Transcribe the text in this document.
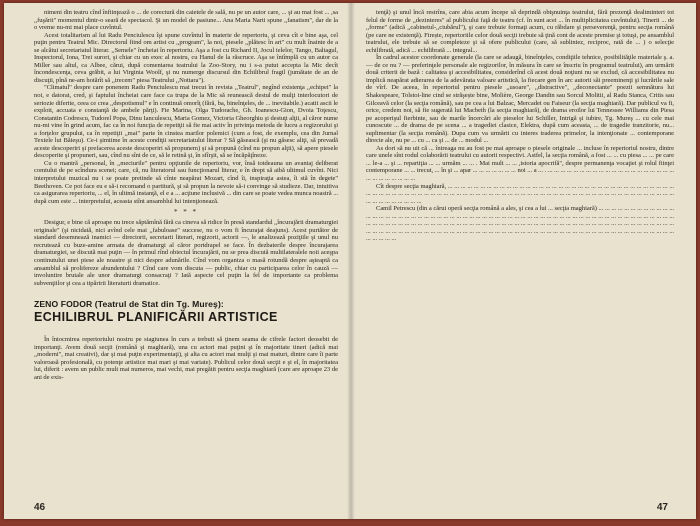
nimeni din teatru cînd înfiinţează o ... de corectură din caietele de sală, nu pe un autor care, ... şi au mai fost ... ,sa ,,fuşărit" momentul dintr-o seară de spectacol. Şi un model de pasiune... Ana Maria Narti spune ,,fanatism", dar de la o vreme nu-mi mai place cuvîntul.

Acest totalitarism al lui Radu Penciulescu îşi spune cuvîntul în materie de repertoriu, şi ceva cît e bine aşa, cel puţin pentru Teatrul Mic. Directorul fiind om artist cu ,,program", la noi, piesele ,,plătesc în art" cu mult înainte de a se alcătui secretariatul literar. ,,Semele" încheiat în repertoriu. Aşa a fost cu Richard II, Jocul ielelor, Tango, Baltagul, Inspectorul, Iona, Trei surori, şi chiar cu un exec al nostru, cu Hanul de la răscruce. Aşa se întîmplă cu un autor ca Miller sau altul, ca Albee, cărui, după comentarea teatrului la Zoo-Story, nu i s-a putut accepta la Mic decît încondescenţa, ceva grăbit, a lui Virginia Woolf, şi nu numerge discursul din Echilibrul fragil (jumătate de an de discuţii, pînă ne-am hotărît să ,,trecem" piesa Teatrului ,,Nottara").

"Climatul" despre care ponenem Radu Penciulescu mai trecut în revista ,,Teatrul", negînd existenţa ,,echipei" la noi, e datorat, cred, şi faptului încheiat care face ca trupa de la Mic să reunească destul de mulţi interlocutori de seriozie diferite, ceea ce crea ,,despotismul" e în continuă omorîţ (fără, ba, bineînţeles, de ... inevitabile.) acatit ascii le exploit, accuata e constanţă de ambele părţi). Fie Marina, Olga Tudorache, Gh. Ioanescu-Gion, Dvoia Toţescu, Constantin Codrescu, Tudorel Popa, Dinu Ianculescu, Maria Gomez, Victoria Gheorghiu şi destuţi alţii, al căror nume nu-mi vine în grind acum, fac ca în noi funcţia de repetiţii să fie mai activ în privinţa metoda de lucru a regizorului şi a forţelor grupului, ca în repetiţii ,,mai" parte în cinstea marilor polemici (cum a fost, de exemplu, cea din Jurnal Textele lui Băieşu). Ce-i şimtime în aceste condiţii secretariatului literar ? Să găsească (şi nu găsesc aliţi, să prevadă aceste descoperiri şi prefacerea aceste descoperiri să propunem) şi să propună (cînd nu propun alţii), să apere piesele descoperite şi propuneri, sau, cînd nu sînt de ce, să le retină şi, în sfîrşit, să se încăpăţîneze.

Cu o mantră ,,personal, în ,,meciurile" pentru opţiunile de repertoriu, vor, însă totdeauna un avantaj deliberat comtului de pe scîndura scenei; care, că, nu literatorul sau funcţionarul literar, e în drept să aibă ultimul cuvînt. Nici interpretului muzical nu i se poate pretinde să cînte neapărat Mozart, cînd îi, inspiraţia astea, îi stă în degete" Beethoven. Ce pot face eu e să-i recomand o partitură, şi să propun la nevoie să-i convinge să studieze. Dar, intuitiva ca asigurarea repertoriu, ... el, în ultimă instanţă, el e a ... acţiune inclusivă ... din care se poate vedea munca noastră ... după cum este ... interpretului, aceasta stînt ansamblul lui intenţionează.

* * *

Desigur, e bine că aproape nu trece săptămînă fără ca cineva să ridice în presă standardul ,,încurajării dramaturgiei originale" (şi nicidată, nici avînd cele mai ,,fabuloase" succese, nu o vom fi încurajat deajuns). Acest purtător de standard desemnează inamici — directorii, secretarii literari, regizorii, actorii —, le analizează poziţiile şi unul nu recrutează cu buze-amine armata de dramaturgi al căror portdrapel se face. În dezbaterile despre încurajarea dramaturgiei, se discută mai puţin — în primul rînd obiectul încurajării, nu se prea discută multilateralele noii aceşpa continutului unei piese ale noastre şi nici despre adunările. Cînd vom organiza o masă rotundă despre aşteaptă ca ansamblul să prolifereze abundentului ? Cînd care vom discuta — public, chiar cu participarea celor în cauză — involuntire brutale ale unor dramaturgi consacraţi ? Iată aspecte cel puţin la fel de importante ca problema subvenţiilor şi cea a tipăririi literaturii dramatice.

ZENO FODOR (Teatrul de Stat din Tg. Mureş):
ECHILIBRUL PLANIFICĂRII ARTISTICE

În întocmirea repertoriului nostru pe stagiunea în curs a trebuit să ţinem seama de cifrele factori deosebit de importanţi. Avem două secţii (română şi maghiară), una cu actori mai puţini şi în majoritate tineri (adică mai ,,moderni", mai creativi), dar şi mai puţin experimentaţi), şi alta cu actori mai mulţi şi mai maturi, dintre care îi parte valoroasă profesională, cu potenţe artistice mai mari şi mai variate). Publicul celor două secţii e şi el, în majoritatea lui, diferit : avem un public mult mai numeros, mai vechi, mai pregătit pentru secţia maghiară (care are aproape 23 de ani de exis-

46

tenţă) şi unul încă restrîns, care abia acum începe să deprindă obişnuinţa teatrului, fără prezenţă dealtminteri tot felul de forme de ,,dezinteres" al publicului faţă de teatru (cf. în sunt acei ... în multiplicitatea cuvîntului). Tinerii ... de ,,forme" (adică ,,cabinetul-,,ciubărul"), şi care trebuie formaţi acum, cu răbdare şi perseverenţă, pentru secţia română (pe care ne existenţă). Firește, repertoriile celor două secţii trebuie să ţină cont de aceste premise şi totuşi, pe ansamblul teatrului, ele trebuie să se completeze şi să ofere publicului (care, să subliniez, reciproc, rată de ... ) o selecţie echilibrată, adică ... echilibrată ... integral...

În cadrul acestor coordonate generale (la care se adaugă, bineînţeles, condiţiile tehnice, posibilităţile materiale ş. a. — de ce nu ? — preferinţele personale ale regizorilor, în măsura în care se înscriu în programul teatrului), am urmărit două criterii de bază : calitatea şi accesibilitatea, considerînd că acest două noţiuni nu se exclud, că accesibilitatea nu implică neapărat adierarea de la adevărata valoare artistică, la fiecare gen în arc autorii săi preeminenţi şi lucrările sale de vîrf. De aceea, în repertoriul pentru piesele ,,usoare", ,,distractive", ,,deconectante" poezii semnătura lui Shakespeare, Tolstoi-line cind se străşește bine, Molière, George Dandin sau Sorcul Molitii, al Radu Stanca, Critis sau Gilceavă celor (la secţia română), sau pe cea a lui Balzac, Mercadet ou Faiseur (la secţia maghiară). Dar publicul va fi, orice, credem noi, să fie sugerată lui Macbeth (la secţia maghiară), de drama eroilor lui Tennessee Williams din Piesa pe acoperişul fierbinte, sau de marile încercări ale pieselor lui Schiller, Intrigă şi iubire, Tg. Mureş ... cu cele mai cunoscute ... de drama de pe scena ... a tragediei clasice, Elektra, după cum aceasta, ... de tragedie tranzitorie, nu... suplimentar (la secţia română). Dupa cum va urmării cu interes traderea primelor, la intenţionate ... contemporane directe ale, nu pe ... cu ... ca şi ... de ... modul ...

As dori să nu uit că ... întreaga nu au fost pe mai aproape o piesele originale ... incluse în repertoriul nostru, dintre care unele sînt rodul colaborării teatrului cu autorii respectivi. Astfel, la secţia română, a fost ... ... cu piesa ... ... pe care ... le-a ... şi ... repartiţia ... ... urmăm ... ... . Mai mult ... ... ,istoria apocrifă", despre permanenţa vocaţiei şi rolul fiinţei contemporane ... ... trecut, ... în şi ... apar ... ... ... ... ... ... ... noi ... a ... . ... ... ... ... ... ... ... ... ... ... ... ... ... ... ... ... ... ... ... ... ... ... ... ... ... ... ... ...

Cît despre secţia maghiară, ... ... ... ... ... ... ... ... ... ... ... ... ... ... ... ... ... ... ... ... ... ... ... ... ... ... ... ... ... ... ... ... ... ... ... ... ... ... ... ... ... ... ... ... ... ... ... ... ... ... ... ... ... ... ... ... ... ... ... ... ... ... ... ... ... ... ... ... ... ... ... ... ... ... ... ... ... ... ... ... ... ... ... ... ... ... ... ... ... ... ... ...

Camil Petrescu (din a cărui operă secţia română a ales, şi cea a lui ... secţia maghiară) ... ... ... ... ... ... ... ... ... ... ... ... ... ... ... ... ... ... ... ... ... ... ... ... ... ... ... ... ... ... ... ... ... ... ... ... ... ... ... ... ... ... ... ... ... ... ... ... ... ... ... ... ... ... ... ... ... ... ... ... ... ... ... ... ... ... ... ... ... ... ... ... ... ... ... ... ... ... ... ... ... ... ... ... ... ... ... ... ... ... ... ... ... ... ... ... ... ... ... ... ... ... ... ... ... ... ... ... ... ... ... ... ... ... ... ... ... ... ... ... ... ... ... ... ... ... ... ... ... ... ... ... ... ... ... ... ... ... ... ... ... ... ... ... ... ... ... ... ... ... ... ... ... ... ... ... ... ... ... ... ...

47
